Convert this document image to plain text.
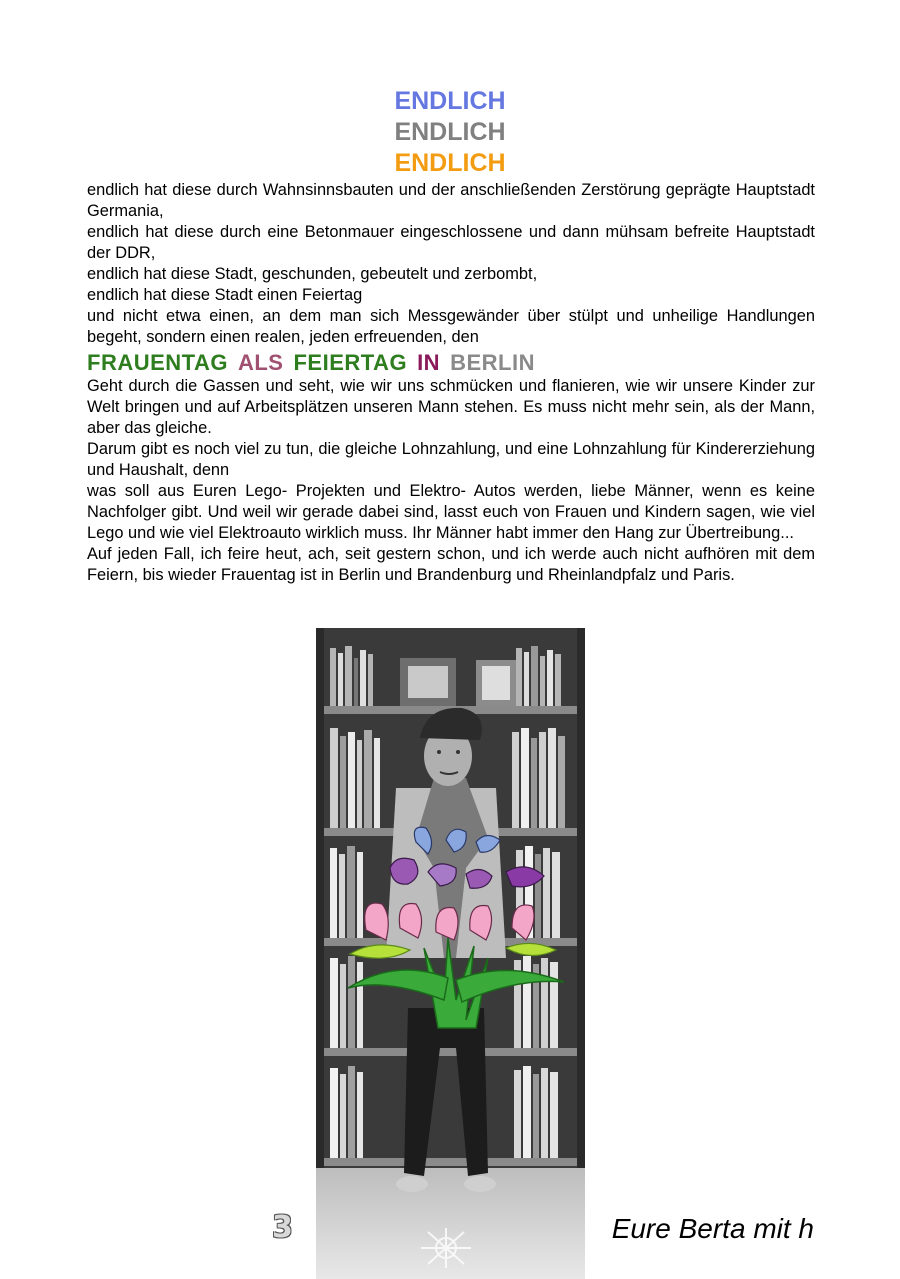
ENDLICH
ENDLICH
ENDLICH

endlich hat diese durch Wahnsinnsbauten und der anschließenden Zerstörung geprägte Hauptstadt Germania,

endlich hat diese durch eine Betonmauer eingeschlossene und dann mühsam befreite Hauptstadt der DDR,

endlich hat diese Stadt, geschunden, gebeutelt und zerbombt,

endlich hat diese Stadt einen Feiertag

und nicht etwa einen, an dem man sich Messgewänder über stülpt und unheilige Handlungen begeht, sondern einen realen, jeden erfreuenden, den

FRAUENTAG ALS FEIERTAG IN BERLIN

Geht durch die Gassen und seht, wie wir uns schmücken und flanieren, wie wir unsere Kinder zur Welt bringen und auf Arbeitsplätzen unseren Mann stehen. Es muss nicht mehr sein, als der Mann, aber das gleiche.

Darum gibt es noch viel zu tun, die gleiche Lohnzahlung, und eine Lohnzahlung für Kindererziehung und Haushalt, denn

was soll aus Euren Lego- Projekten und Elektro- Autos werden, liebe Männer, wenn es keine Nachfolger gibt. Und weil wir gerade dabei sind, lasst euch von Frauen und Kindern sagen, wie viel Lego und wie viel Elektroauto wirklich muss. Ihr Männer habt immer den Hang zur Übertreibung...

Auf jeden Fall, ich feire heut, ach, seit gestern schon, und ich werde auch nicht aufhören mit dem Feiern, bis wieder Frauentag ist in Berlin und Brandenburg und Rheinlandpfalz und Paris.

3	Eure Berta mit h
